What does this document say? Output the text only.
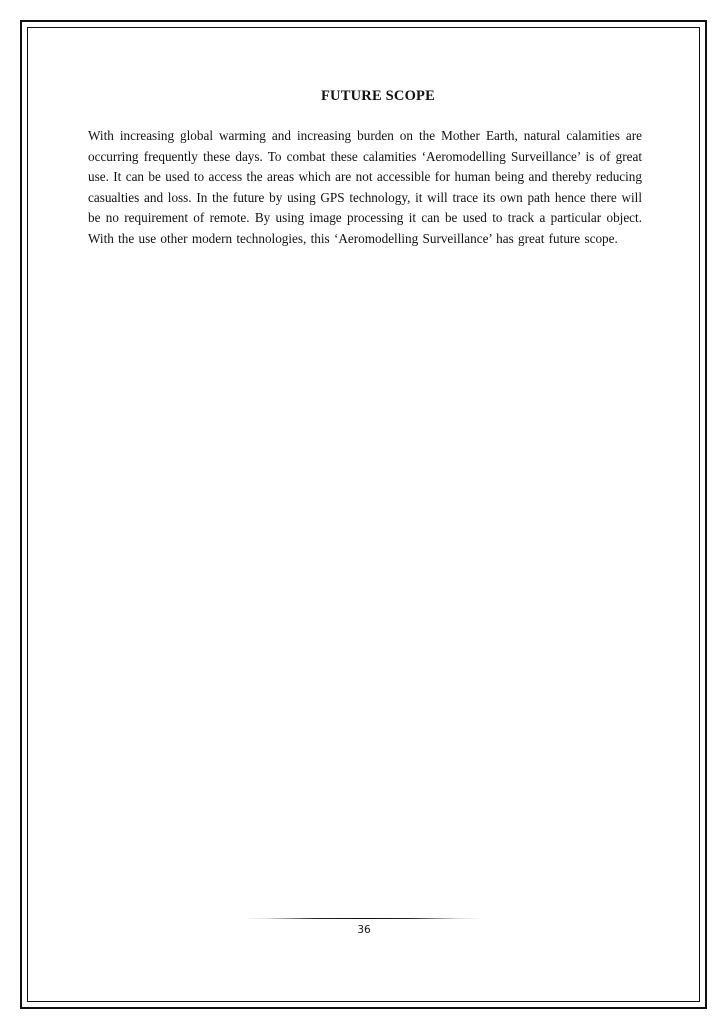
FUTURE SCOPE

With increasing global warming and increasing burden on the Mother Earth, natural calamities are occurring frequently these days. To combat these calamities ‘Aeromodelling Surveillance’ is of great use. It can be used to access the areas which are not accessible for human being and thereby reducing casualties and loss. In the future by using GPS technology, it will trace its own path hence there will be no requirement of remote. By using image processing it can be used to track a particular object. With the use other modern technologies, this ‘Aeromodelling Surveillance’ has great future scope.

36
